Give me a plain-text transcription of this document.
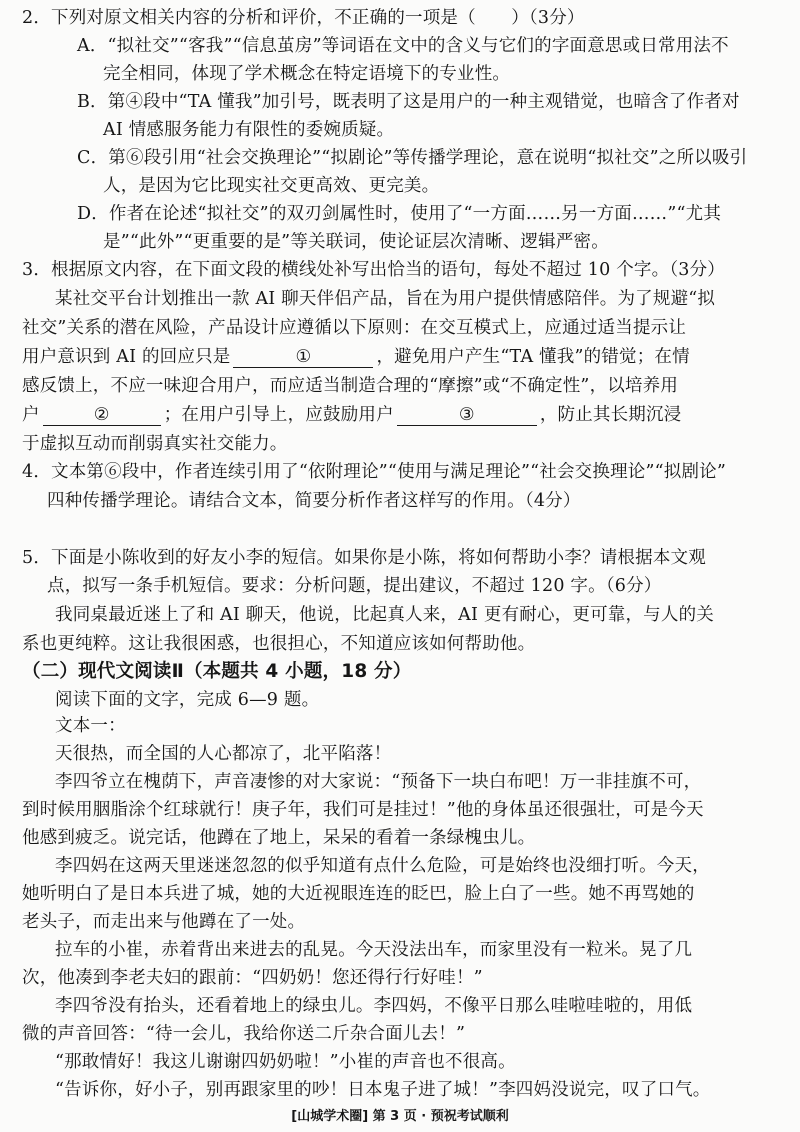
2．下列对原文相关内容的分析和评价，不正确的一项是（　　）（3分）
A．“拟社交”“客我”“信息茧房”等词语在文中的含义与它们的字面意思或日常用法不
完全相同，体现了学术概念在特定语境下的专业性。
B．第④段中“TA 懂我”加引号，既表明了这是用户的一种主观错觉，也暗含了作者对
AI 情感服务能力有限性的委婉质疑。
C．第⑥段引用“社会交换理论”“拟剧论”等传播学理论，意在说明“拟社交”之所以吸引
人，是因为它比现实社交更高效、更完美。
D．作者在论述“拟社交”的双刃剑属性时，使用了“一方面……另一方面……”“尤其
是”“此外”“更重要的是”等关联词，使论证层次清晰、逻辑严密。
3．根据原文内容，在下面文段的横线处补写出恰当的语句，每处不超过 10 个字。（3分）
某社交平台计划推出一款 AI 聊天伴侣产品，旨在为用户提供情感陪伴。为了规避“拟
社交”关系的潜在风险，产品设计应遵循以下原则：在交互模式上，应通过适当提示让
用户意识到 AI 的回应只是	①	，避免用户产生“TA 懂我”的错觉；在情
感反馈上，不应一味迎合用户，而应适当制造合理的“摩擦”或“不确定性”，以培养用
户	②	；在用户引导上，应鼓励用户	③	，防止其长期沉浸
于虚拟互动而削弱真实社交能力。
4．文本第⑥段中，作者连续引用了“依附理论”“使用与满足理论”“社会交换理论”“拟剧论”
四种传播学理论。请结合文本，简要分析作者这样写的作用。（4分）
5．下面是小陈收到的好友小李的短信。如果你是小陈，将如何帮助小李？请根据本文观
点，拟写一条手机短信。要求：分析问题，提出建议，不超过 120 字。（6分）
我同桌最近迷上了和 AI 聊天，他说，比起真人来，AI 更有耐心，更可靠，与人的关
系也更纯粹。这让我很困惑，也很担心，不知道应该如何帮助他。
（二）现代文阅读Ⅱ（本题共 4 小题，18 分）
阅读下面的文字，完成 6—9 题。
文本一：
天很热，而全国的人心都凉了，北平陷落！
李四爷立在槐荫下，声音凄惨的对大家说：“预备下一块白布吧！万一非挂旗不可，
到时候用胭脂涂个红球就行！庚子年，我们可是挂过！”他的身体虽还很强壮，可是今天
他感到疲乏。说完话，他蹲在了地上，呆呆的看着一条绿槐虫儿。
李四妈在这两天里迷迷忽忽的似乎知道有点什么危险，可是始终也没细打听。今天，
她听明白了是日本兵进了城，她的大近视眼连连的眨巴，脸上白了一些。她不再骂她的
老头子，而走出来与他蹲在了一处。
拉车的小崔，赤着背出来进去的乱晃。今天没法出车，而家里没有一粒米。晃了几
次，他凑到李老夫妇的跟前：“四奶奶！您还得行行好哇！”
李四爷没有抬头，还看着地上的绿虫儿。李四妈，不像平日那么哇啦哇啦的，用低
微的声音回答：“待一会儿，我给你送二斤杂合面儿去！”
“那敢情好！我这儿谢谢四奶奶啦！”小崔的声音也不很高。
[山城学术圈] 第 3 页 · 预祝考试顺利
“告诉你，好小子，别再跟家里的吵！日本鬼子进了城！”李四妈没说完，叹了口气。
